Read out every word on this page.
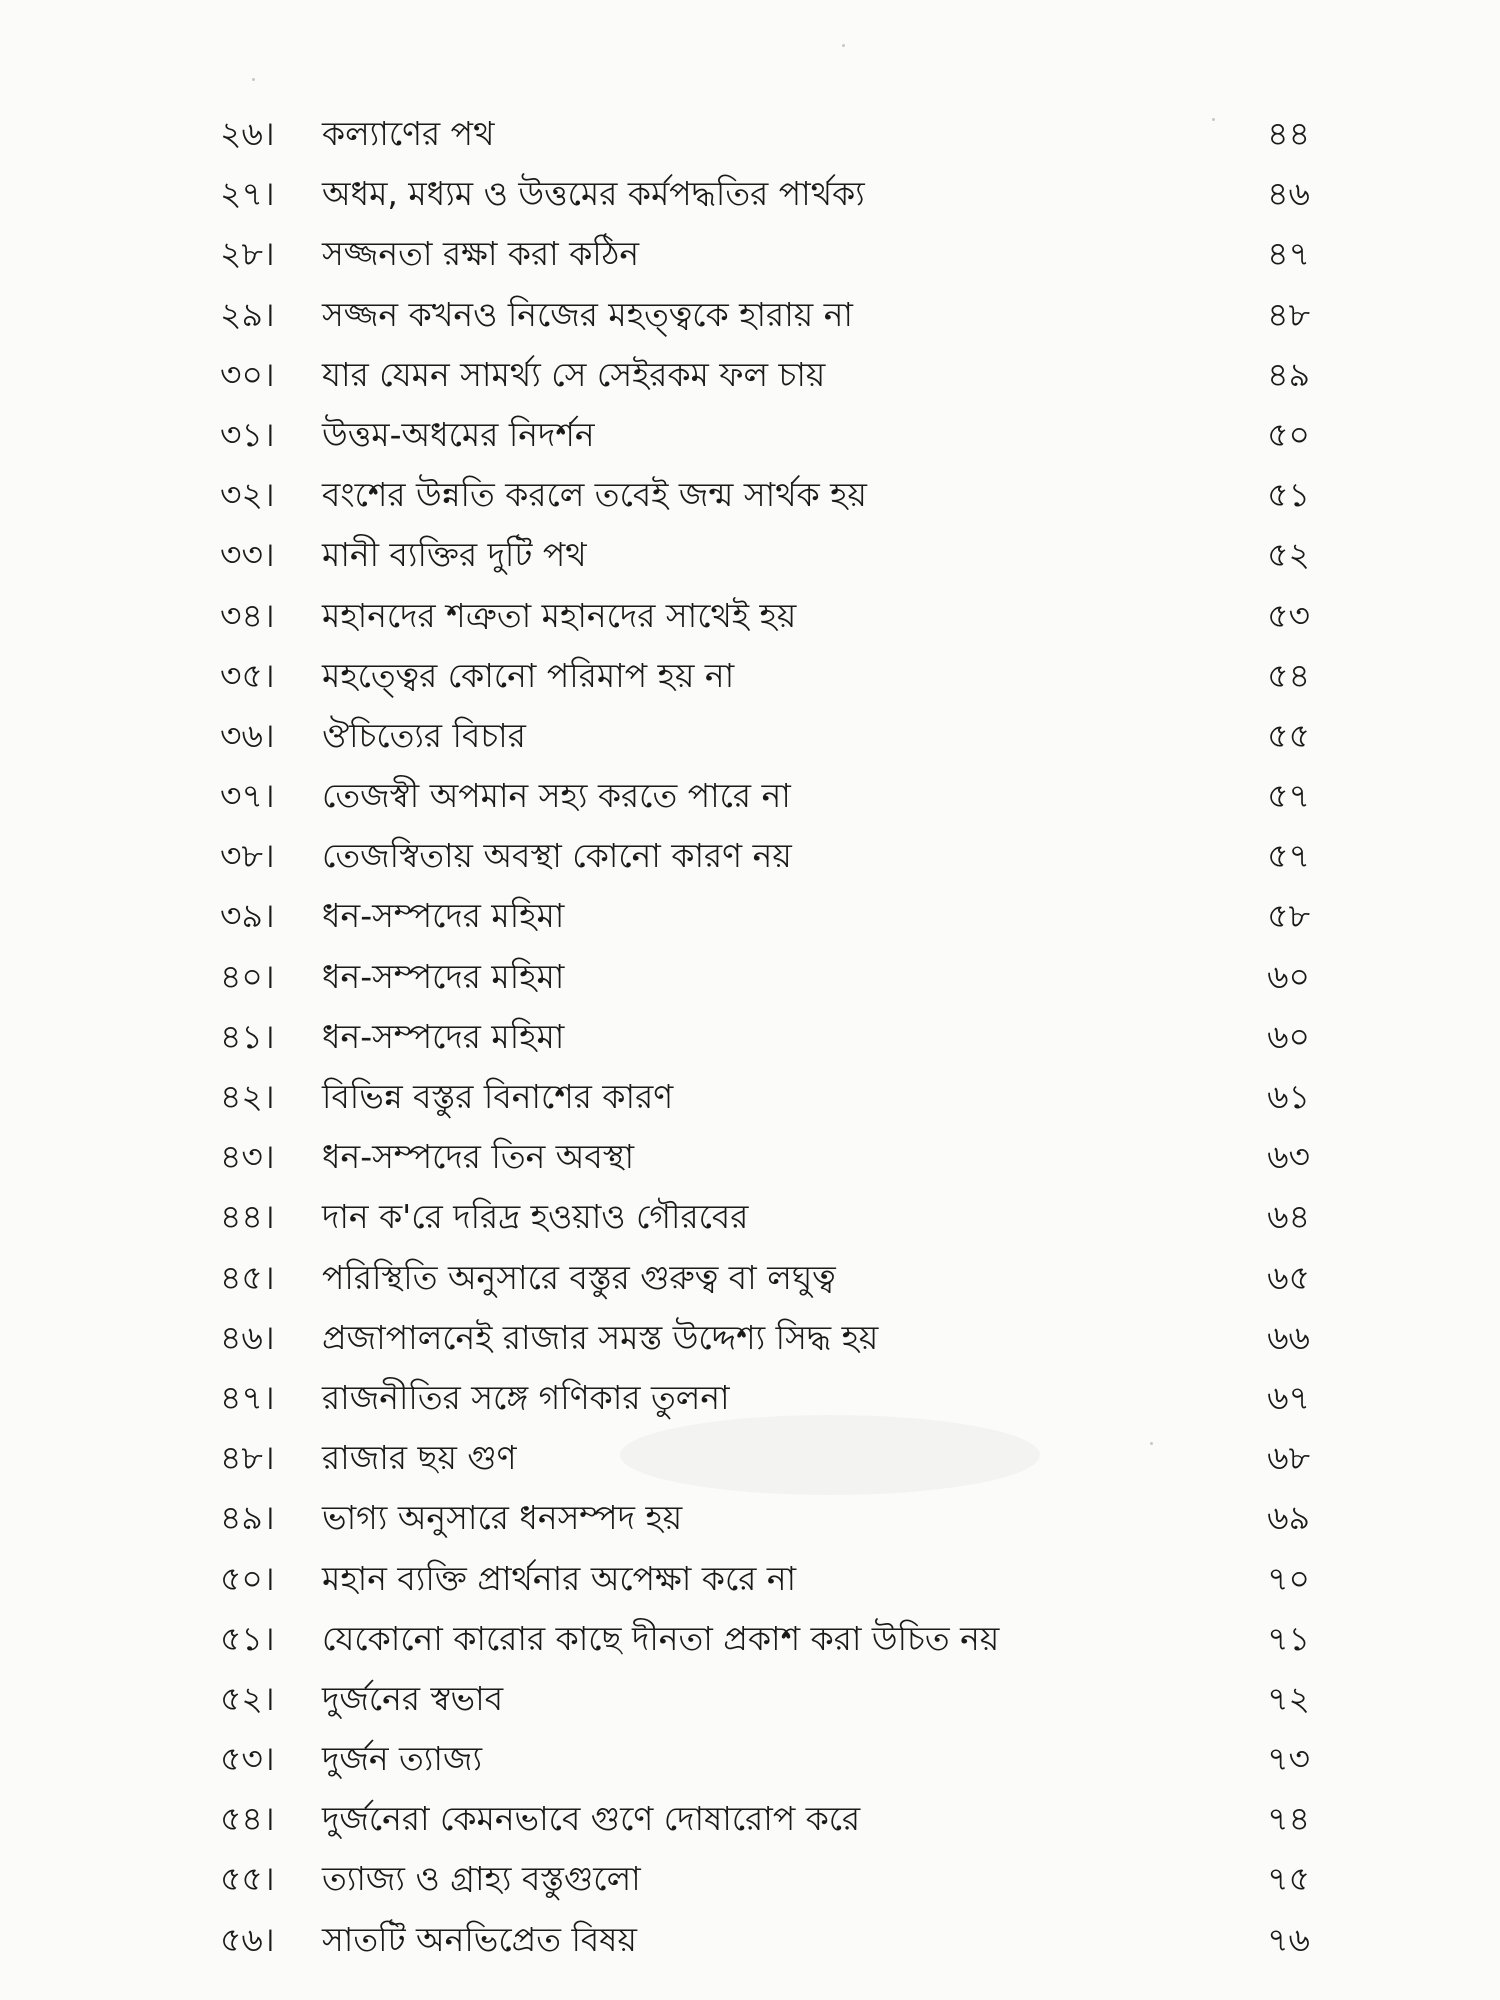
২৬। কল্যাণের পথ	৪৪
২৭। অধম, মধ্যম ও উত্তমের কর্মপদ্ধতির পার্থক্য	৪৬
২৮। সজ্জনতা রক্ষা করা কঠিন	৪৭
২৯। সজ্জন কখনও নিজের মহত্ত্বকে হারায় না	৪৮
৩০। যার যেমন সামর্থ্য সে সেইরকম ফল চায়	৪৯
৩১। উত্তম-অধমের নিদর্শন	৫০
৩২। বংশের উন্নতি করলে তবেই জন্ম সার্থক হয়	৫১
৩৩। মানী ব্যক্তির দুটি পথ	৫২
৩৪। মহানদের শত্রুতা মহানদের সাথেই হয়	৫৩
৩৫। মহত্ত্বের কোনো পরিমাপ হয় না	৫৪
৩৬। ঔচিত্যের বিচার	৫৫
৩৭। তেজস্বী অপমান সহ্য করতে পারে না	৫৭
৩৮। তেজস্বিতায় অবস্থা কোনো কারণ নয়	৫৭
৩৯। ধন-সম্পদের মহিমা	৫৮
৪০। ধন-সম্পদের মহিমা	৬০
৪১। ধন-সম্পদের মহিমা	৬০
৪২। বিভিন্ন বস্তুর বিনাশের কারণ	৬১
৪৩। ধন-সম্পদের তিন অবস্থা	৬৩
৪৪। দান ক'রে দরিদ্র হওয়াও গৌরবের	৬৪
৪৫। পরিস্থিতি অনুসারে বস্তুর গুরুত্ব বা লঘুত্ব	৬৫
৪৬। প্রজাপালনেই রাজার সমস্ত উদ্দেশ্য সিদ্ধ হয়	৬৬
৪৭। রাজনীতির সঙ্গে গণিকার তুলনা	৬৭
৪৮। রাজার ছয় গুণ	৬৮
৪৯। ভাগ্য অনুসারে ধনসম্পদ হয়	৬৯
৫০। মহান ব্যক্তি প্রার্থনার অপেক্ষা করে না	৭০
৫১। যেকোনো কারোর কাছে দীনতা প্রকাশ করা উচিত নয়	৭১
৫২। দুর্জনের স্বভাব	৭২
৫৩। দুর্জন ত্যাজ্য	৭৩
৫৪। দুর্জনেরা কেমনভাবে গুণে দোষারোপ করে	৭৪
৫৫। ত্যাজ্য ও গ্রাহ্য বস্তুগুলো	৭৫
৫৬। সাতটি অনভিপ্রেত বিষয়	৭৬
